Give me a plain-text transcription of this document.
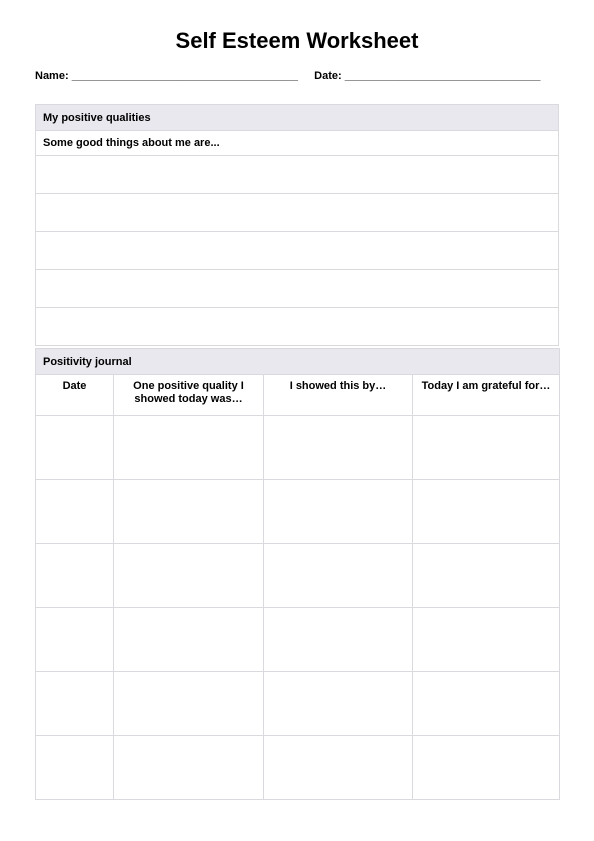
Self Esteem Worksheet
Name: _____________________________________ Date: ________________________________
My positive qualities
Some good things about me are...

Positivity journal			
Date	One positive quality I showed today was…	I showed this by…	Today I am grateful for…
